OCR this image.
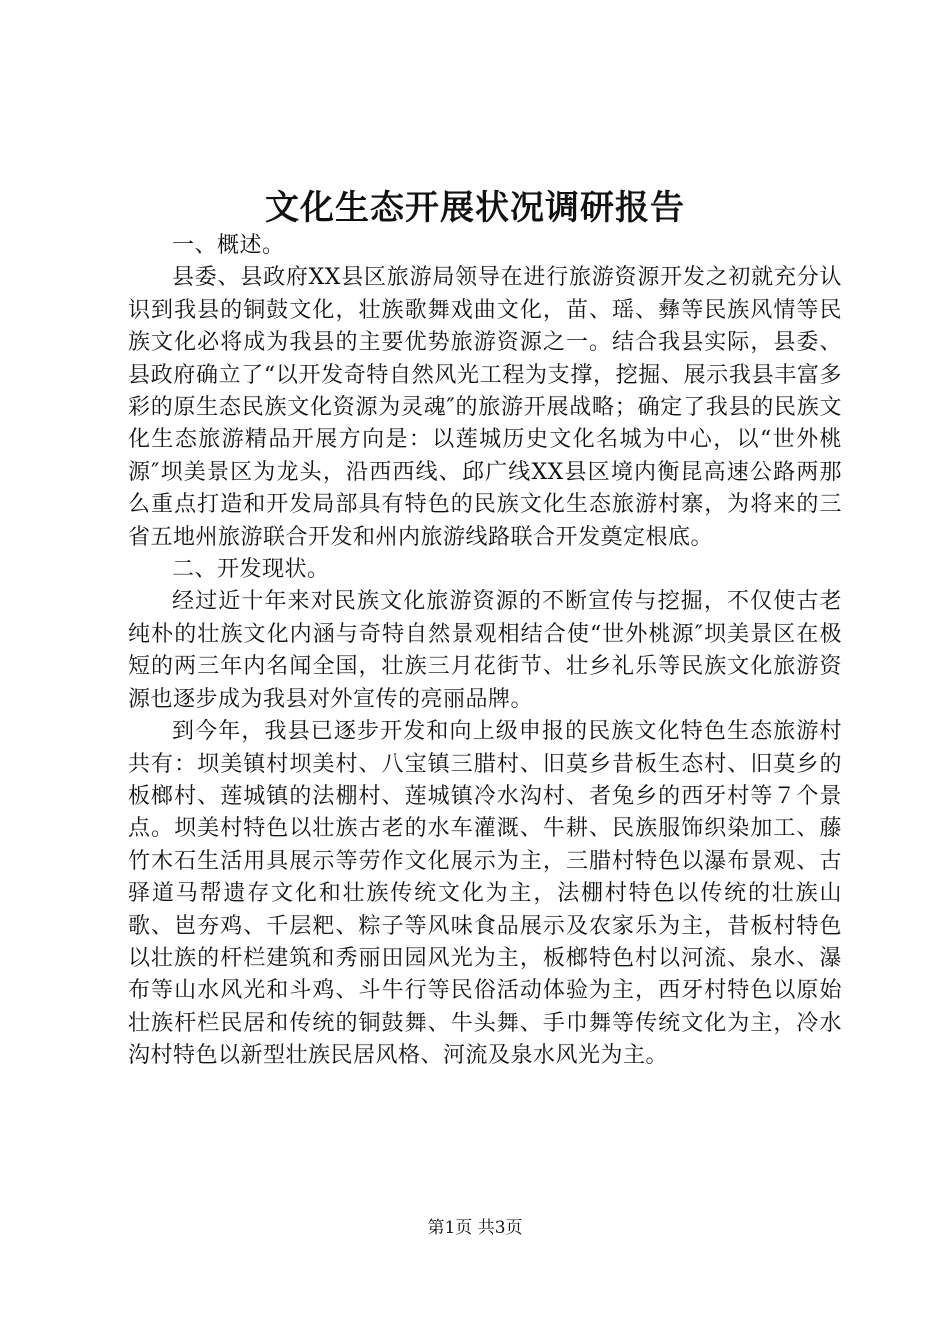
文化生态开展状况调研报告

一、概述。

县委、县政府XX县区旅游局领导在进行旅游资源开发之初就充分认识到我县的铜鼓文化，壮族歌舞戏曲文化，苗、瑶、彝等民族风情等民族文化必将成为我县的主要优势旅游资源之一。结合我县实际，县委、县政府确立了“以开发奇特自然风光工程为支撑，挖掘、展示我县丰富多彩的原生态民族文化资源为灵魂″的旅游开展战略；确定了我县的民族文化生态旅游精品开展方向是：以莲城历史文化名城为中心，以“世外桃源″坝美景区为龙头，沿西西线、邱广线XX县区境内衡昆高速公路两那么重点打造和开发局部具有特色的民族文化生态旅游村寨，为将来的三省五地州旅游联合开发和州内旅游线路联合开发奠定根底。

二、开发现状。

经过近十年来对民族文化旅游资源的不断宣传与挖掘，不仅使古老纯朴的壮族文化内涵与奇特自然景观相结合使“世外桃源″坝美景区在极短的两三年内名闻全国，壮族三月花街节、壮乡礼乐等民族文化旅游资源也逐步成为我县对外宣传的亮丽品牌。

到今年，我县已逐步开发和向上级申报的民族文化特色生态旅游村共有：坝美镇村坝美村、八宝镇三腊村、旧莫乡昔板生态村、旧莫乡的板榔村、莲城镇的法棚村、莲城镇冷水沟村、者兔乡的西牙村等７个景点。坝美村特色以壮族古老的水车灌溉、牛耕、民族服饰织染加工、藤竹木石生活用具展示等劳作文化展示为主，三腊村特色以瀑布景观、古驿道马帮遗存文化和壮族传统文化为主，法棚村特色以传统的壮族山歌、岜夯鸡、千层粑、粽子等风味食品展示及农家乐为主，昔板村特色以壮族的杆栏建筑和秀丽田园风光为主，板榔特色村以河流、泉水、瀑布等山水风光和斗鸡、斗牛行等民俗活动体验为主，西牙村特色以原始壮族杆栏民居和传统的铜鼓舞、牛头舞、手巾舞等传统文化为主，冷水沟村特色以新型壮族民居风格、河流及泉水风光为主。

第1页 共3页
